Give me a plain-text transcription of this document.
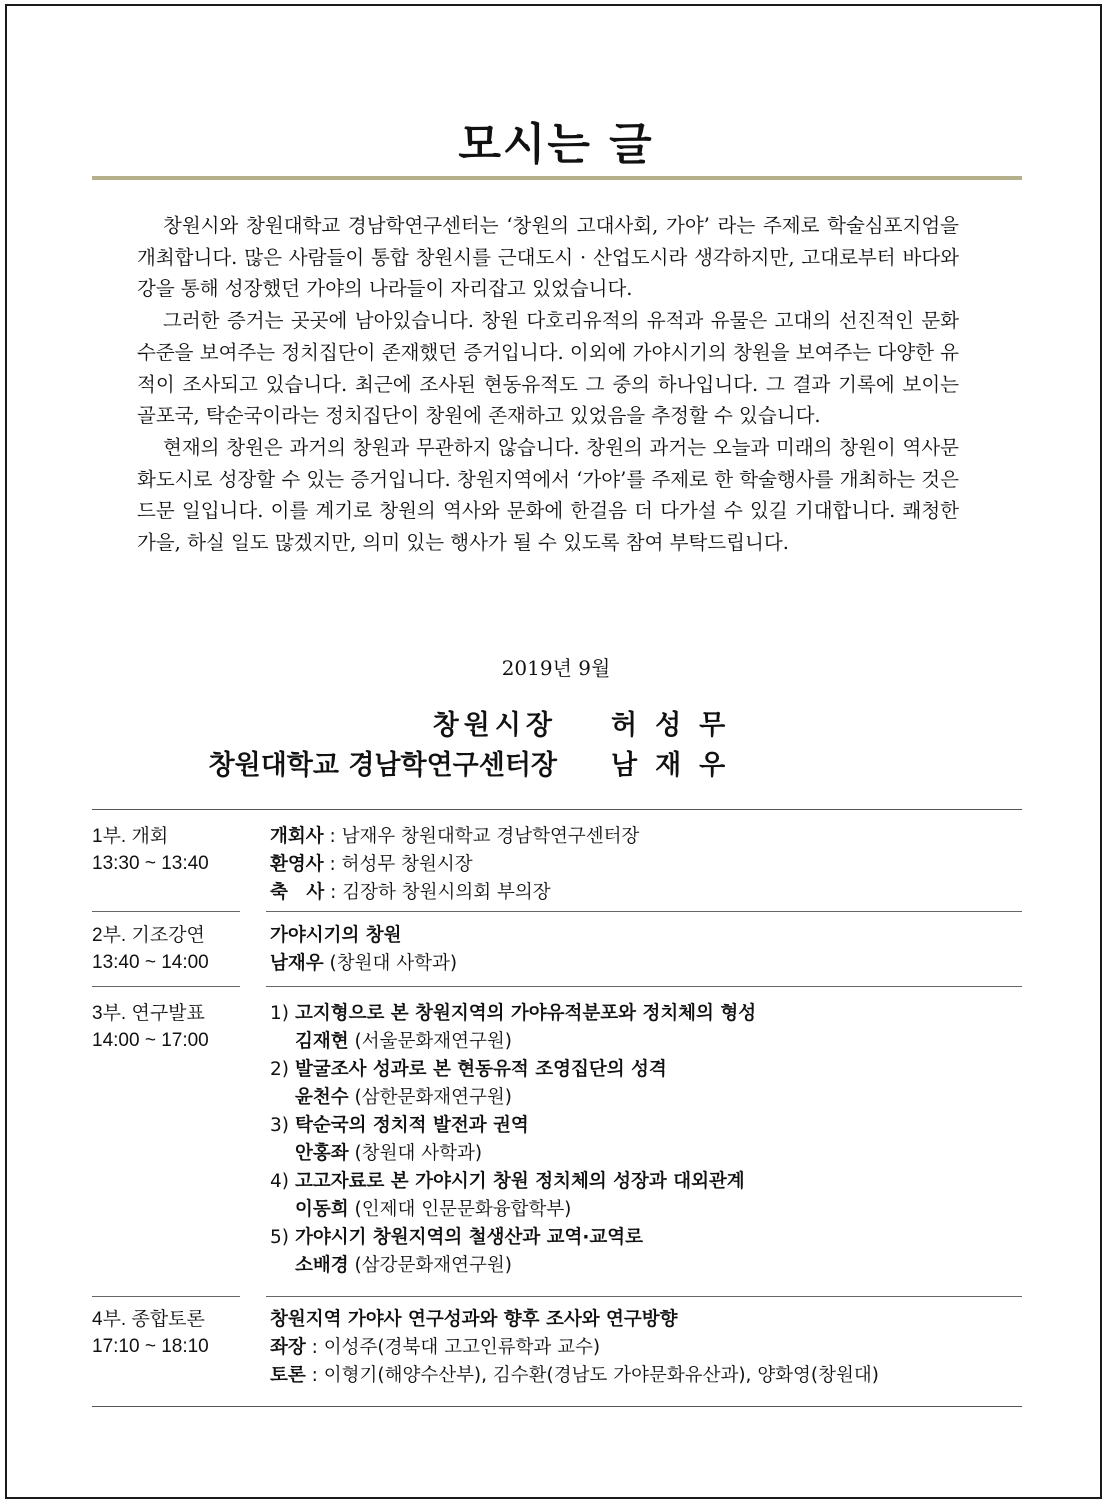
모시는 글

창원시와 창원대학교 경남학연구센터는 ‘창원의 고대사회, 가야’ 라는 주제로 학술심포지엄을 개최합니다. 많은 사람들이 통합 창원시를 근대도시 · 산업도시라 생각하지만, 고대로부터 바다와 강을 통해 성장했던 가야의 나라들이 자리잡고 있었습니다.

그러한 증거는 곳곳에 남아있습니다. 창원 다호리유적의 유적과 유물은 고대의 선진적인 문화수준을 보여주는 정치집단이 존재했던 증거입니다. 이외에 가야시기의 창원을 보여주는 다양한 유적이 조사되고 있습니다. 최근에 조사된 현동유적도 그 중의 하나입니다. 그 결과 기록에 보이는 골포국, 탁순국이라는 정치집단이 창원에 존재하고 있었음을 추정할 수 있습니다.

현재의 창원은 과거의 창원과 무관하지 않습니다. 창원의 과거는 오늘과 미래의 창원이 역사문화도시로 성장할 수 있는 증거입니다. 창원지역에서 ‘가야’를 주제로 한 학술행사를 개최하는 것은 드문 일입니다. 이를 계기로 창원의 역사와 문화에 한걸음 더 다가설 수 있길 기대합니다. 쾌청한 가을, 하실 일도 많겠지만, 의미 있는 행사가 될 수 있도록 참여 부탁드립니다.

2019년 9월
창원시장
창원대학교 경남학연구센터장
허성무
남재우
1부. 개회
13:30 ~ 13:40
개회사 : 남재우 창원대학교 경남학연구센터장
환영사 : 허성무 창원시장
축　사 : 김장하 창원시의회 부의장
2부. 기조강연
13:40 ~ 14:00
가야시기의 창원
남재우 (창원대 사학과)
3부. 연구발표
14:00 ~ 17:00
1) 고지형으로 본 창원지역의 가야유적분포와 정치체의 형성
김재현 (서울문화재연구원)
2) 발굴조사 성과로 본 현동유적 조영집단의 성격
윤천수 (삼한문화재연구원)
3) 탁순국의 정치적 발전과 권역
안홍좌 (창원대 사학과)
4) 고고자료로 본 가야시기 창원 정치체의 성장과 대외관계
이동희 (인제대 인문문화융합학부)
5) 가야시기 창원지역의 철생산과 교역·교역로
소배경 (삼강문화재연구원)
4부. 종합토론
17:10 ~ 18:10
창원지역 가야사 연구성과와 향후 조사와 연구방향
좌장 : 이성주(경북대 고고인류학과 교수)
토론 : 이형기(해양수산부), 김수환(경남도 가야문화유산과), 양화영(창원대)
